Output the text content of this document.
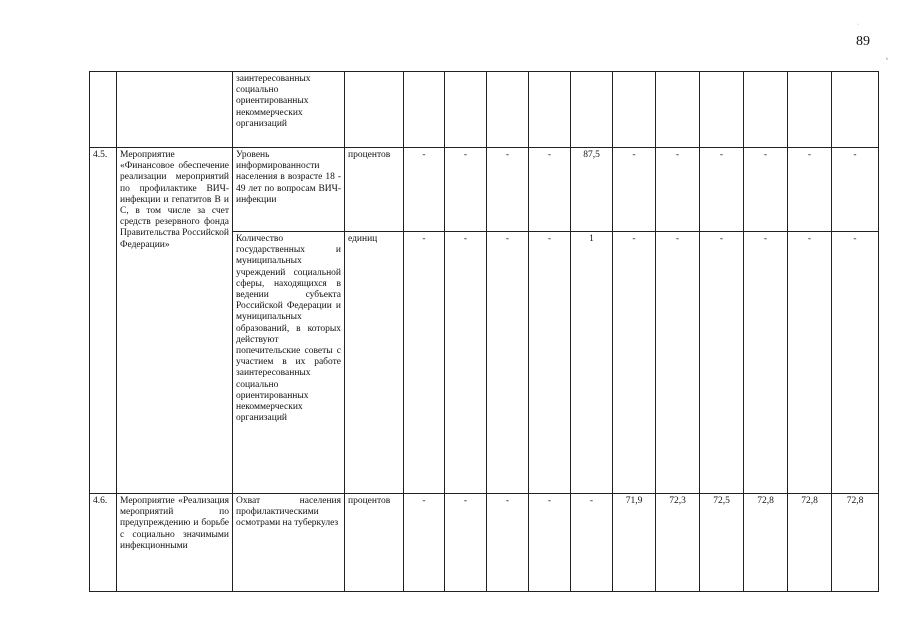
·
89
˛
		заинтересованных социально ориентированных некоммерческих организаций												
4.5.	Мероприятие «Финансовое обеспечение реализации мероприятий по профилактике ВИЧ-инфекции и гепатитов В и С, в том числе за счет средств резервного фонда Правительства Российской Федерации»	Уровень информированности населения в возрасте 18 - 49 лет по вопросам ВИЧ-инфекции	процентов	-	-	-	-	87,5	-	-	-	-	-	-
		Количество государственных и муниципальных учреждений социальной сферы, находящихся в ведении субъекта Российской Федерации и муниципальных образований, в которых действуют попечительские советы с участием в их работе заинтересованных социально ориентированных некоммерческих организаций	единиц	-	-	-	-	1	-	-	-	-	-	-
4.6.	Мероприятие «Реализация мероприятий по предупреждению и борьбе с социально значимыми инфекционными	Охват населения профилактическими осмотрами на туберкулез	процентов	-	-	-	-	-	71,9	72,3	72,5	72,8	72,8	72,8
